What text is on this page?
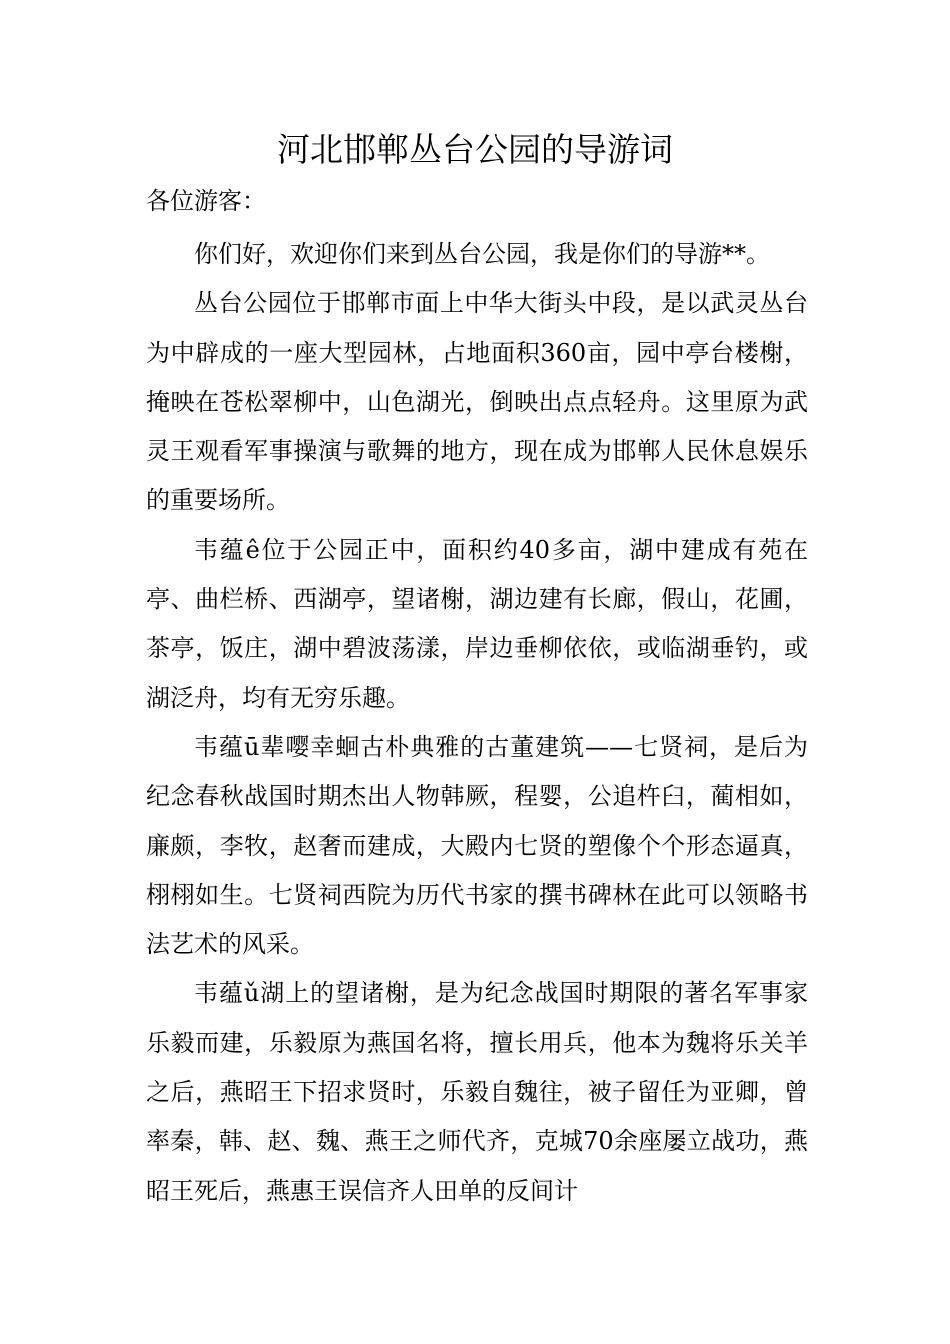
河北邯郸丛台公园的导游词
各位游客：

你们好，欢迎你们来到丛台公园，我是你们的导游**。

丛台公园位于邯郸市面上中华大街头中段，是以武灵丛台为中辟成的一座大型园林，占地面积360亩，园中亭台楼榭，掩映在苍松翠柳中，山色湖光，倒映出点点轻舟。这里原为武灵王观看军事操演与歌舞的地方，现在成为邯郸人民休息娱乐的重要场所。

韦蕴ê位于公园正中，面积约40多亩，湖中建成有苑在亭、曲栏桥、西湖亭，望诸榭，湖边建有长廊，假山，花圃，茶亭，饭庄，湖中碧波荡漾，岸边垂柳依依，或临湖垂钓，或湖泛舟，均有无穷乐趣。

韦蕴ū辈嘤幸蛔古朴典雅的古董建筑——七贤祠，是后为纪念春秋战国时期杰出人物韩厥，程婴，公追杵臼，蔺相如，廉颇，李牧，赵奢而建成，大殿内七贤的塑像个个形态逼真，栩栩如生。七贤祠西院为历代书家的撰书碑林在此可以领略书法艺术的风采。

韦蕴ǔ湖上的望诸榭，是为纪念战国时期限的著名军事家乐毅而建，乐毅原为燕国名将，擅长用兵，他本为魏将乐关羊之后，燕昭王下招求贤时，乐毅自魏往，被子留任为亚卿，曾率秦，韩、赵、魏、燕王之师代齐，克城70余座屡立战功，燕昭王死后，燕惠王误信齐人田单的反间计
